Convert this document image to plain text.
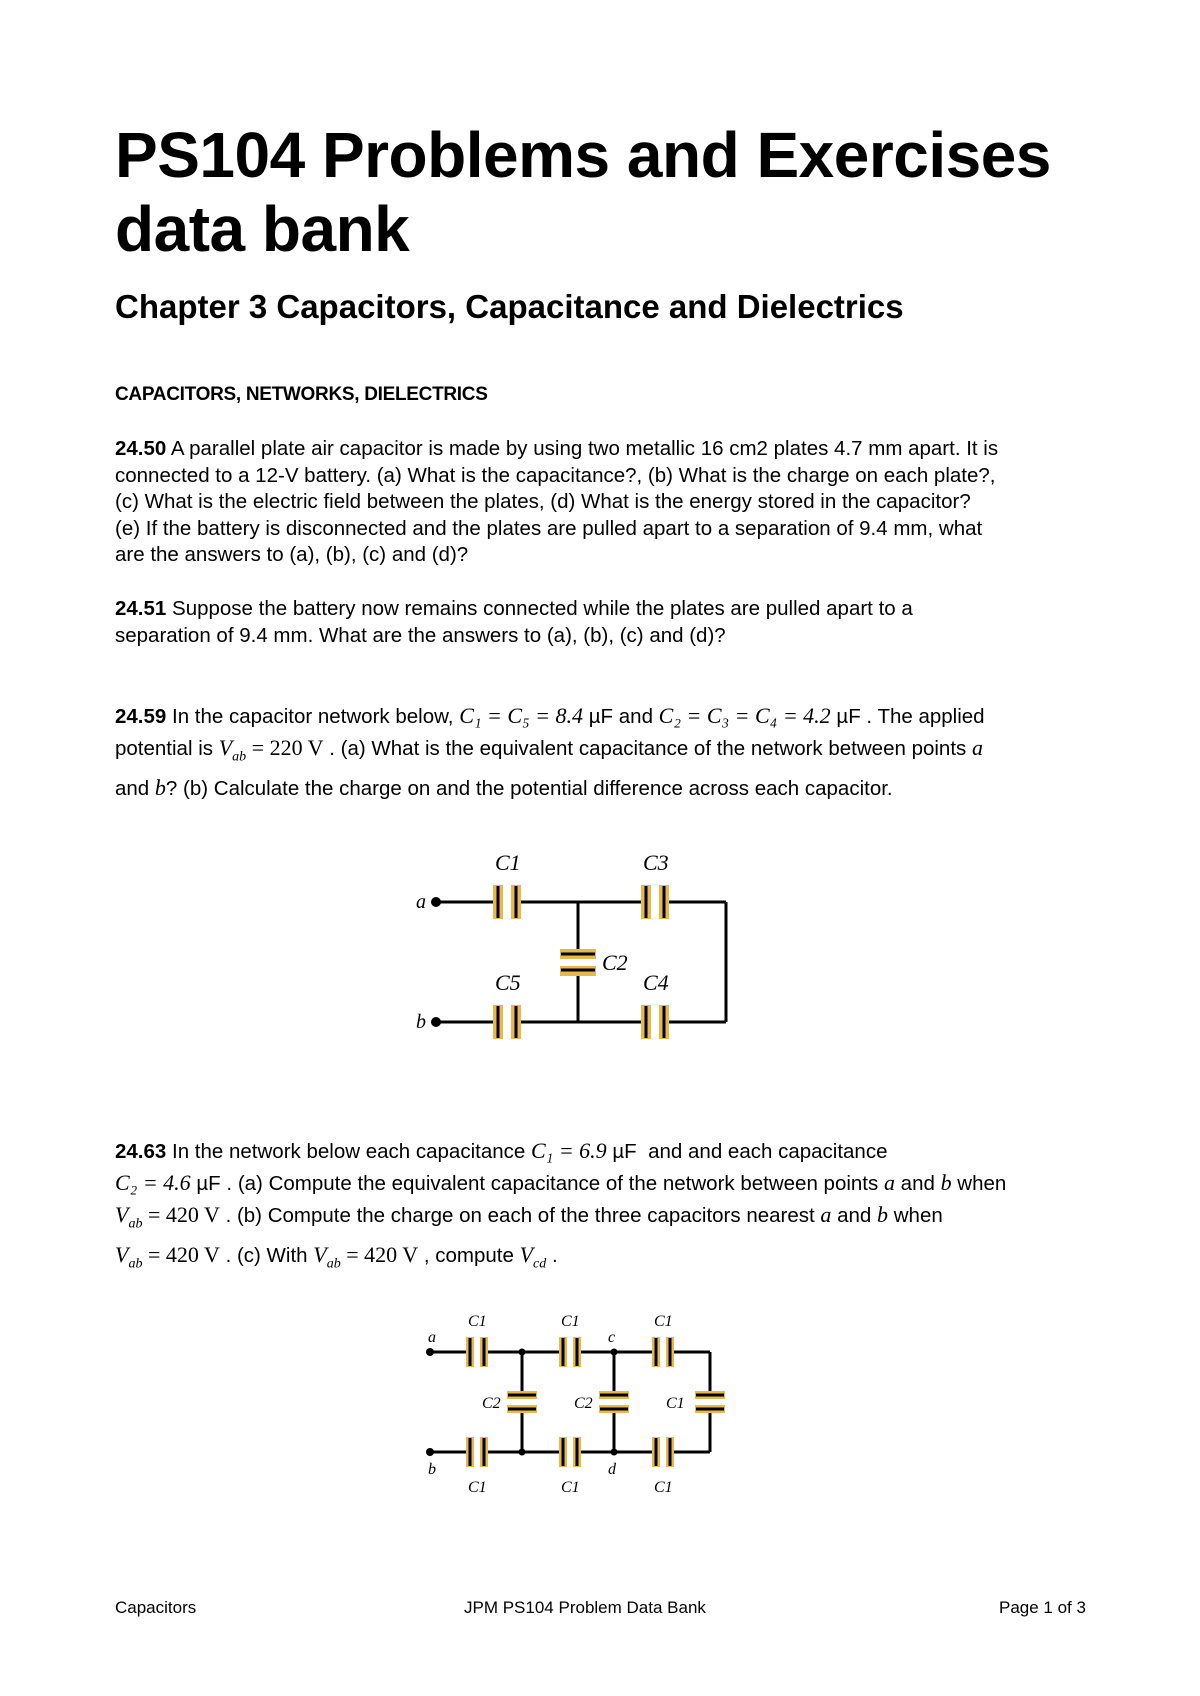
PS104 Problems and Exercises
data bank
Chapter 3 Capacitors, Capacitance and Dielectrics
CAPACITORS, NETWORKS, DIELECTRICS
24.50 A parallel plate air capacitor is made by using two metallic 16 cm2 plates 4.7 mm apart. It is
connected to a 12-V battery. (a) What is the capacitance?, (b) What is the charge on each plate?,
(c) What is the electric field between the plates, (d) What is the energy stored in the capacitor?
(e) If the battery is disconnected and the plates are pulled apart to a separation of 9.4 mm, what
are the answers to (a), (b), (c) and (d)?
24.51 Suppose the battery now remains connected while the plates are pulled apart to a
separation of 9.4 mm. What are the answers to (a), (b), (c) and (d)?
24.59 In the capacitor network below, C₁ = C₅ = 8.4 µF and C₂ = C₃ = C₄ = 4.2 µF . The applied
potential is $V_{ab} = 220$ V . (a) What is the equivalent capacitance of the network between points a
and b? (b) Calculate the charge on and the potential difference across each capacitor.
a
b
C1	C3
C2
C5	C4
24.63 In the network below each capacitance C₁ = 6.9 µF and and each capacitance
C₂ = 4.6 µF . (a) Compute the equivalent capacitance of the network between points a and b when
$V_{ab} = 420$ V . (b) Compute the charge on each of the three capacitors nearest a and b when
$V_{ab} = 420$ V . (c) With $V_{ab} = 420$ V , compute $V_{cd}$ .
a
b
c
d
C1	C1	C1
C1	C1	C1
C2	C2	C1
Capacitors	JPM PS104 Problem Data Bank	Page 1 of 3
